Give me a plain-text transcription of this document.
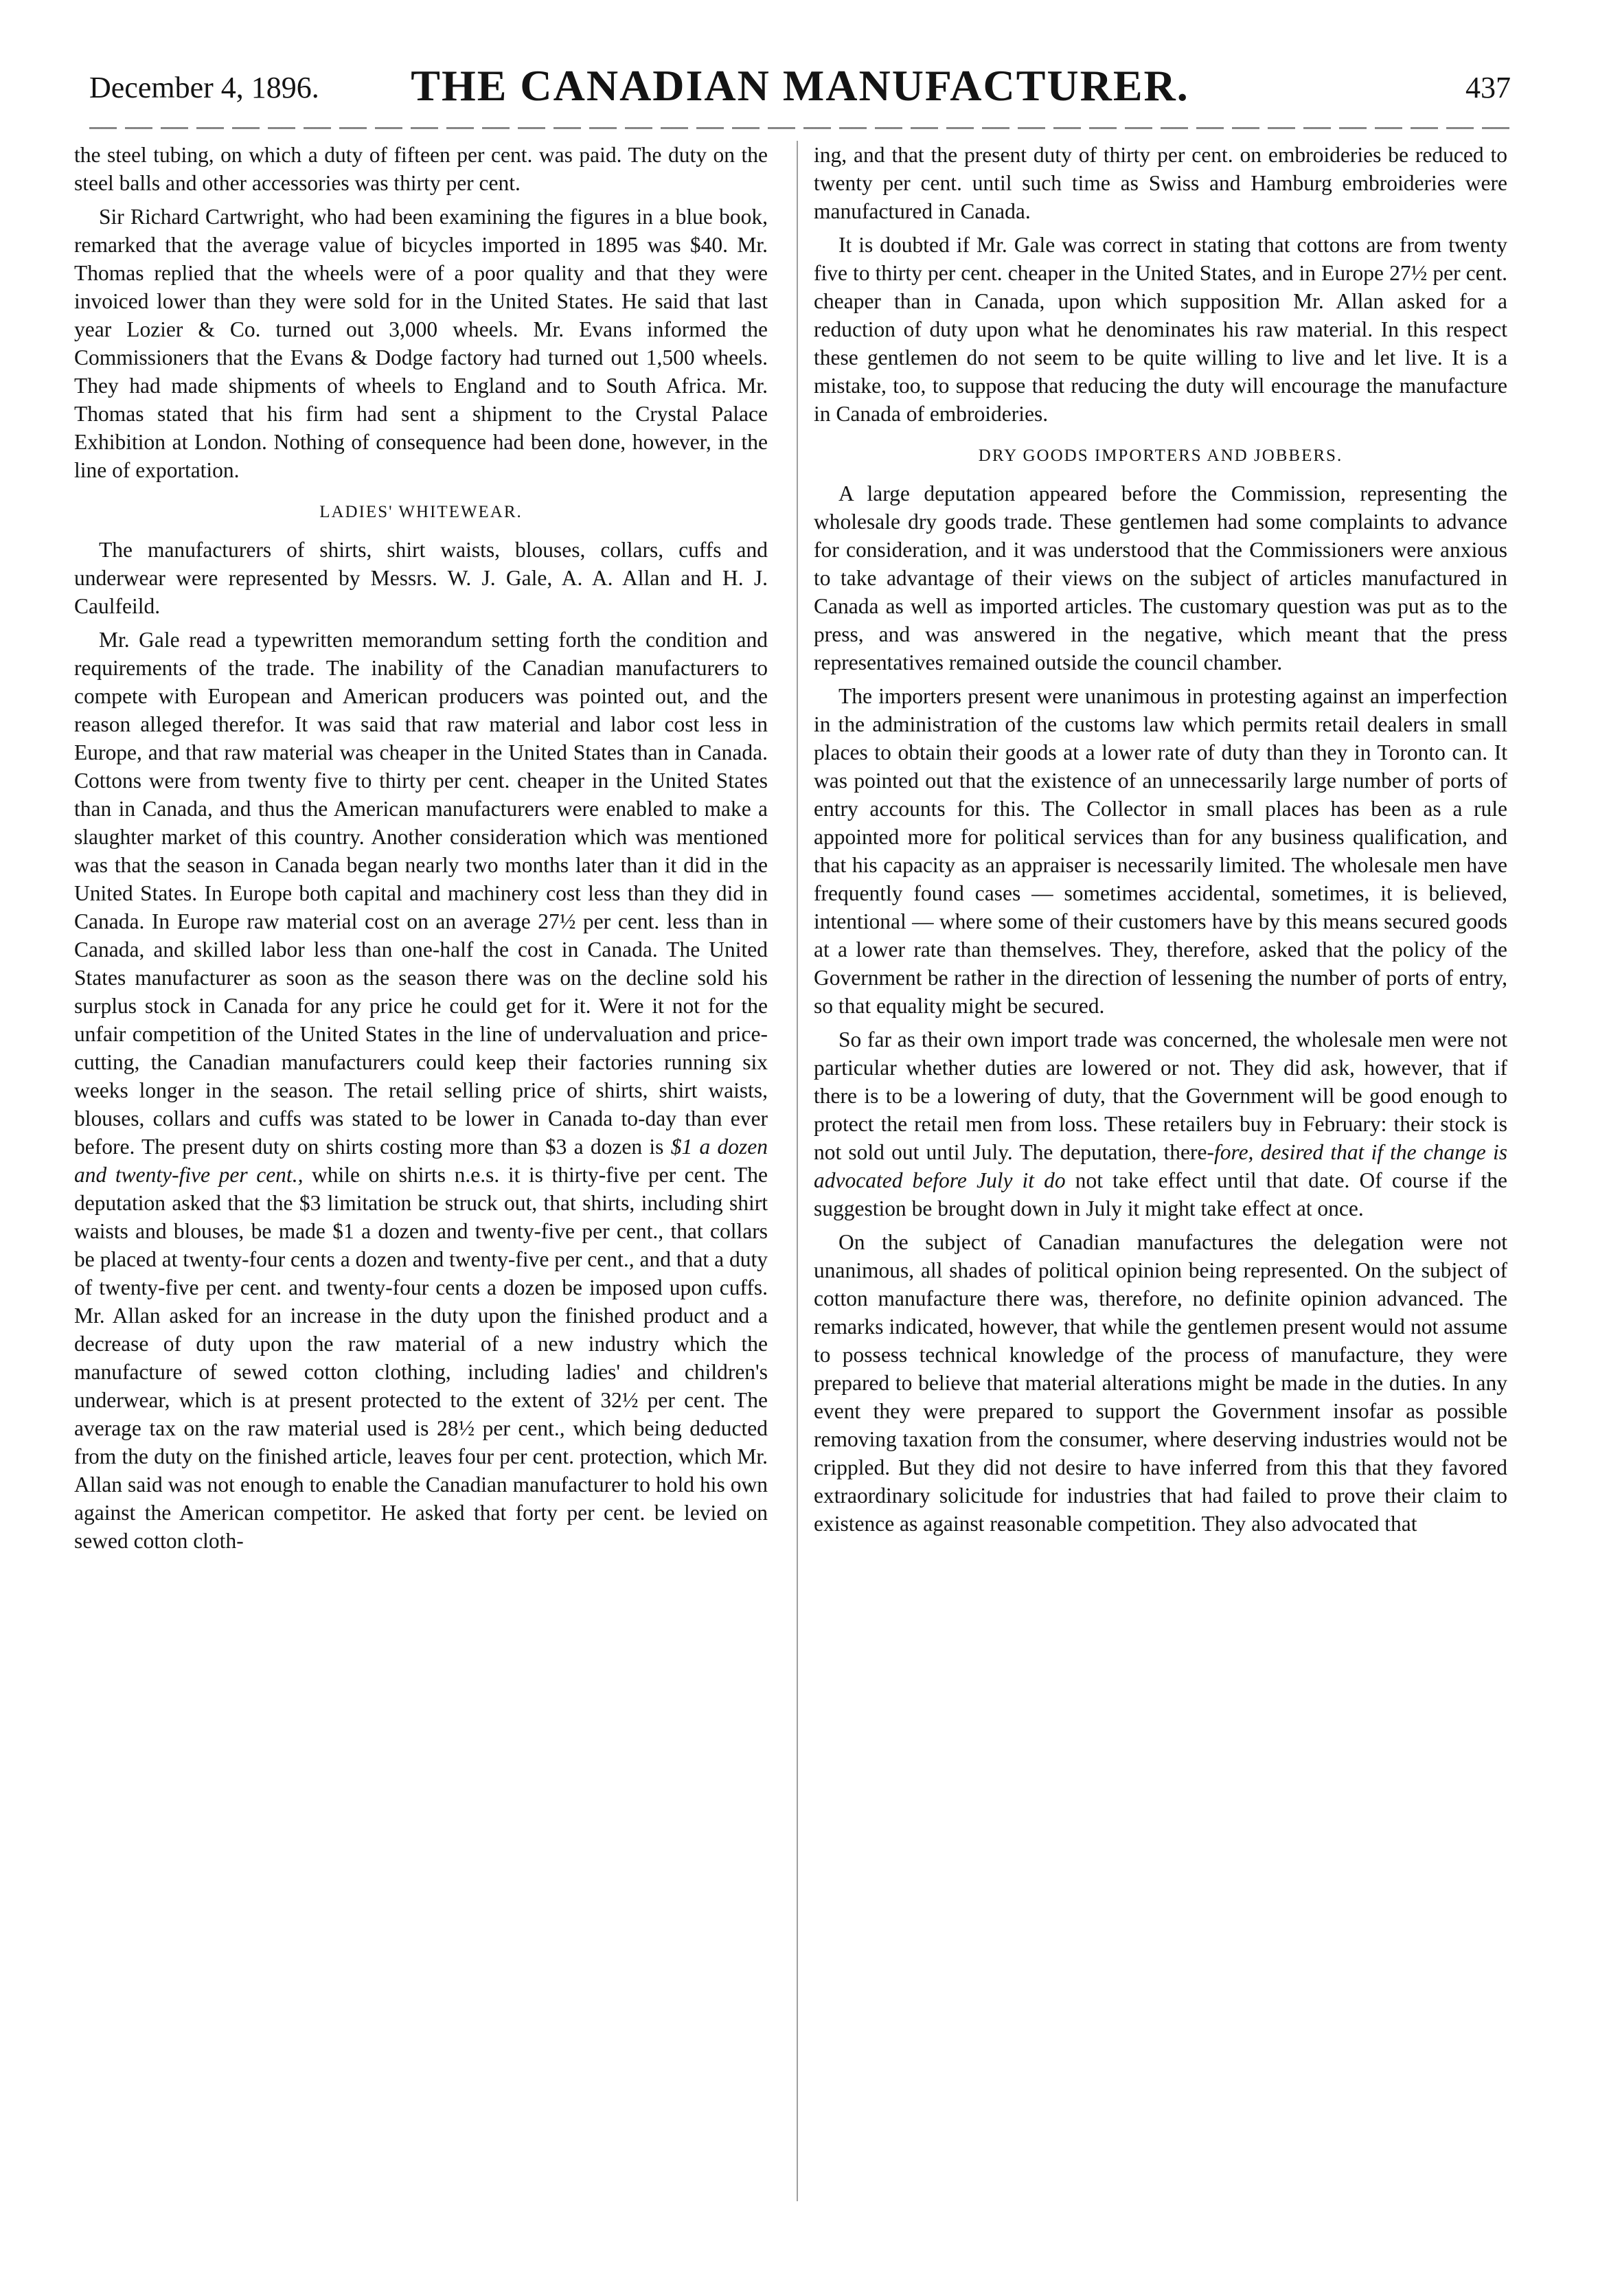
December 4, 1896.	THE CANADIAN MANUFACTURER.	437

the steel tubing, on which a duty of fifteen per cent. was paid. The duty on the steel balls and other accessories was thirty per cent.

Sir Richard Cartwright, who had been examining the figures in a blue book, remarked that the average value of bicycles imported in 1895 was $40. Mr. Thomas replied that the wheels were of a poor quality and that they were invoiced lower than they were sold for in the United States. He said that last year Lozier & Co. turned out 3,000 wheels. Mr. Evans informed the Commissioners that the Evans & Dodge factory had turned out 1,500 wheels. They had made shipments of wheels to England and to South Africa. Mr. Thomas stated that his firm had sent a shipment to the Crystal Palace Exhibition at London. Nothing of consequence had been done, however, in the line of exportation.

LADIES' WHITEWEAR.

The manufacturers of shirts, shirt waists, blouses, collars, cuffs and underwear were represented by Messrs. W. J. Gale, A. A. Allan and H. J. Caulfeild.

Mr. Gale read a typewritten memorandum setting forth the condition and requirements of the trade. The inability of the Canadian manufacturers to compete with European and American producers was pointed out, and the reason alleged therefor. It was said that raw material and labor cost less in Europe, and that raw material was cheaper in the United States than in Canada. Cottons were from twenty five to thirty per cent. cheaper in the United States than in Canada, and thus the American manufacturers were enabled to make a slaughter market of this country. Another consideration which was mentioned was that the season in Canada began nearly two months later than it did in the United States. In Europe both capital and machinery cost less than they did in Canada. In Europe raw material cost on an average 27½ per cent. less than in Canada, and skilled labor less than one-half the cost in Canada. The United States manufacturer as soon as the season there was on the decline sold his surplus stock in Canada for any price he could get for it. Were it not for the unfair competition of the United States in the line of undervaluation and price-cutting, the Canadian manufacturers could keep their factories running six weeks longer in the season. The retail selling price of shirts, shirt waists, blouses, collars and cuffs was stated to be lower in Canada to-day than ever before. The present duty on shirts costing more than $3 a dozen is $1 a dozen and twenty-five per cent., while on shirts n.e.s. it is thirty-five per cent. The deputation asked that the $3 limitation be struck out, that shirts, including shirt waists and blouses, be made $1 a dozen and twenty-five per cent., that collars be placed at twenty-four cents a dozen and twenty-five per cent., and that a duty of twenty-five per cent. and twenty-four cents a dozen be imposed upon cuffs. Mr. Allan asked for an increase in the duty upon the finished product and a decrease of duty upon the raw material of a new industry which the manufacture of sewed cotton clothing, including ladies' and children's underwear, which is at present protected to the extent of 32½ per cent. The average tax on the raw material used is 28½ per cent., which being deducted from the duty on the finished article, leaves four per cent. protection, which Mr. Allan said was not enough to enable the Canadian manufacturer to hold his own against the American competitor. He asked that forty per cent. be levied on sewed cotton cloth-

ing, and that the present duty of thirty per cent. on embroideries be reduced to twenty per cent. until such time as Swiss and Hamburg embroideries were manufactured in Canada.

It is doubted if Mr. Gale was correct in stating that cottons are from twenty five to thirty per cent. cheaper in the United States, and in Europe 27½ per cent. cheaper than in Canada, upon which supposition Mr. Allan asked for a reduction of duty upon what he denominates his raw material. In this respect these gentlemen do not seem to be quite willing to live and let live. It is a mistake, too, to suppose that reducing the duty will encourage the manufacture in Canada of embroideries.

DRY GOODS IMPORTERS AND JOBBERS.

A large deputation appeared before the Commission, representing the wholesale dry goods trade. These gentlemen had some complaints to advance for consideration, and it was understood that the Commissioners were anxious to take advantage of their views on the subject of articles manufactured in Canada as well as imported articles. The customary question was put as to the press, and was answered in the negative, which meant that the press representatives remained outside the council chamber.

The importers present were unanimous in protesting against an imperfection in the administration of the customs law which permits retail dealers in small places to obtain their goods at a lower rate of duty than they in Toronto can. It was pointed out that the existence of an unnecessarily large number of ports of entry accounts for this. The Collector in small places has been as a rule appointed more for political services than for any business qualification, and that his capacity as an appraiser is necessarily limited. The wholesale men have frequently found cases — sometimes accidental, sometimes, it is believed, intentional — where some of their customers have by this means secured goods at a lower rate than themselves. They, therefore, asked that the policy of the Government be rather in the direction of lessening the number of ports of entry, so that equality might be secured.

So far as their own import trade was concerned, the wholesale men were not particular whether duties are lowered or not. They did ask, however, that if there is to be a lowering of duty, that the Government will be good enough to protect the retail men from loss. These retailers buy in February: their stock is not sold out until July. The deputation, there-fore, desired that if the change is advocated before July it do not take effect until that date. Of course if the suggestion be brought down in July it might take effect at once.

On the subject of Canadian manufactures the delegation were not unanimous, all shades of political opinion being represented. On the subject of cotton manufacture there was, therefore, no definite opinion advanced. The remarks indicated, however, that while the gentlemen present would not assume to possess technical knowledge of the process of manufacture, they were prepared to believe that material alterations might be made in the duties. In any event they were prepared to support the Government insofar as possible removing taxation from the consumer, where deserving industries would not be crippled. But they did not desire to have inferred from this that they favored extraordinary solicitude for industries that had failed to prove their claim to existence as against reasonable competition. They also advocated that
